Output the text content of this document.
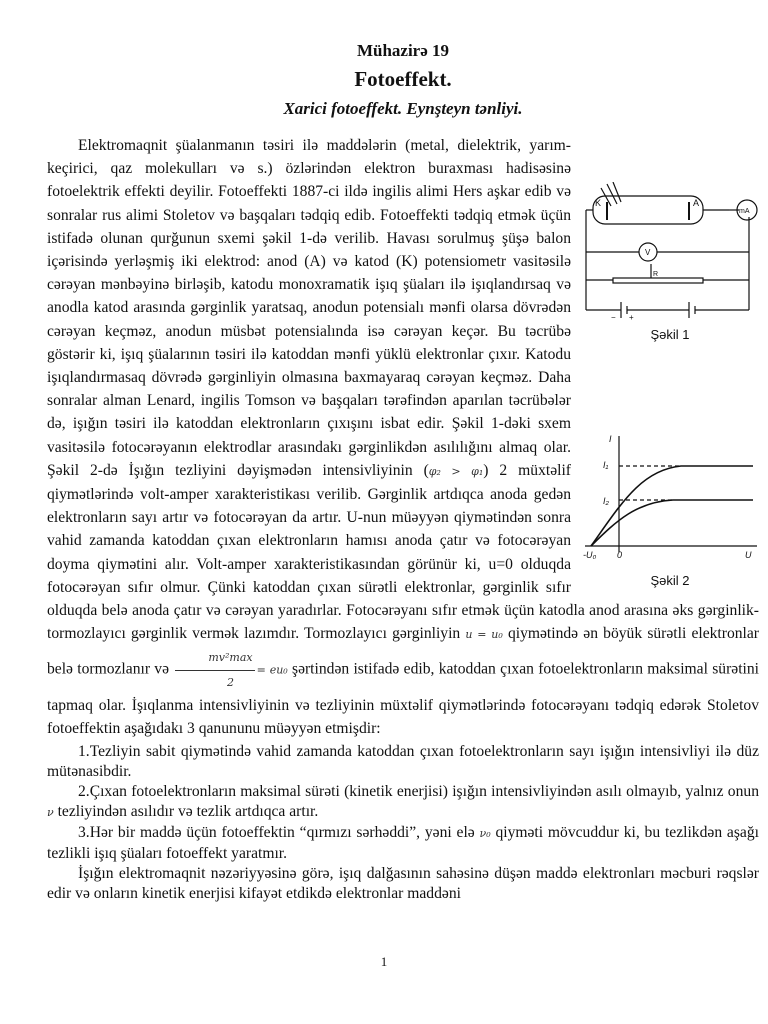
Mühazirə 19
Fotoeffekt.
Xarici fotoeffekt. Eynşteyn tənliyi.
K	A
mA
V
R
− +
Şəkil 1
I
I₁
I₂
-U₀ 0	U
Şəkil 2

Elektromaqnit şüalanmanın təsiri ilə maddələrin (metal, dielektrik, yarım-keçirici, qaz molekulları və s.) özlərindən elektron buraxması hadisəsinə fotoelektrik effekti deyilir. Fotoeffekti 1887-ci ildə ingilis alimi Hers aşkar edib və sonralar rus alimi Stoletov və başqaları tədqiq edib. Fotoeffekti tədqiq etmək üçün istifadə olunan qurğunun sxemi şəkil 1-də verilib. Havası sorulmuş şüşə balon içərisində yerləşmiş iki elektrod: anod (A) və katod (K) potensiometr vasitəsilə cərəyan mənbəyinə birləşib, katodu monoxramatik işıq şüaları ilə işıqlandırsaq və anodla katod arasında gərginlik yaratsaq, anodun potensialı mənfi olarsa dövrədən cərəyan keçməz, anodun müsbət potensialında isə cərəyan keçər. Bu təcrübə göstərir ki, işıq şüalarının təsiri ilə katoddan mənfi yüklü elektronlar çıxır. Katodu işıqlandırmasaq dövrədə gərginliyin olmasına baxmayaraq cərəyan keçməz. Daha sonralar alman Lenard, ingilis Tomson və başqaları tərəfindən aparılan təcrübələr də, işığın təsiri ilə katoddan elektronların çıxışını isbat edir. Şəkil 1-dəki sxem vasitəsilə fotocərəyanın elektrodlar arasındakı gərginlikdən asılılığını almaq olar. Şəkil 2-də İşığın tezliyini dəyişmədən intensivliyinin (φ₂ > φ₁) 2 müxtəlif qiymətlərində volt-amper xarakteristikası verilib. Gərginlik artdıqca anoda gedən elektronların sayı artır və fotocərəyan da artır. U-nun müəyyən qiymətindən sonra vahid zamanda katoddan çıxan elektronların hamısı anoda çatır və fotocərəyan doyma qiymətini alır. Volt-amper xarakteristikasından görünür ki, u=0 olduqda fotocərəyan sıfır olmur. Çünki katoddan çıxan sürətli elektronlar, gərginlik sıfır olduqda belə anoda çatır və cərəyan yaradırlar. Fotocərəyanı sıfır etmək üçün katodla anod arasına əks gərginlik-tormozlayıcı gərginlik vermək lazımdır. Tormozlayıcı gərginliyin u = u₀ qiymətində ən böyük sürətli elektronlar belə tormozlanır və $\frac{\text{mv²max}}{2} = eu_0$ şərtindən istifadə edib, katoddan çıxan fotoelektronların maksimal sürətini tapmaq olar. İşıqlanma intensivliyinin və tezliyinin müxtəlif qiymətlərində fotocərəyanı tədqiq edərək Stoletov fotoeffektin aşağıdakı 3 qanununu müəyyən etmişdir:

1.Tezliyin sabit qiymətində vahid zamanda katoddan çıxan fotoelektronların sayı işığın intensivliyi ilə düz mütənasibdir.

2.Çıxan fotoelektronların maksimal sürəti (kinetik enerjisi) işığın intensivliyindən asılı olmayıb, yalnız onun ν tezliyindən asılıdır və tezlik artdıqca artır.

3.Hər bir maddə üçün fotoeffektin “qırmızı sərhəddi”, yəni elə ν₀ qiyməti mövcuddur ki, bu tezlikdən aşağı tezlikli işıq şüaları fotoeffekt yaratmır.

İşığın elektromaqnit nəzəriyyəsinə görə, işıq dalğasının sahəsinə düşən maddə elektronları məcburi rəqslər edir və onların kinetik enerjisi kifayət etdikdə elektronlar maddəni

1
